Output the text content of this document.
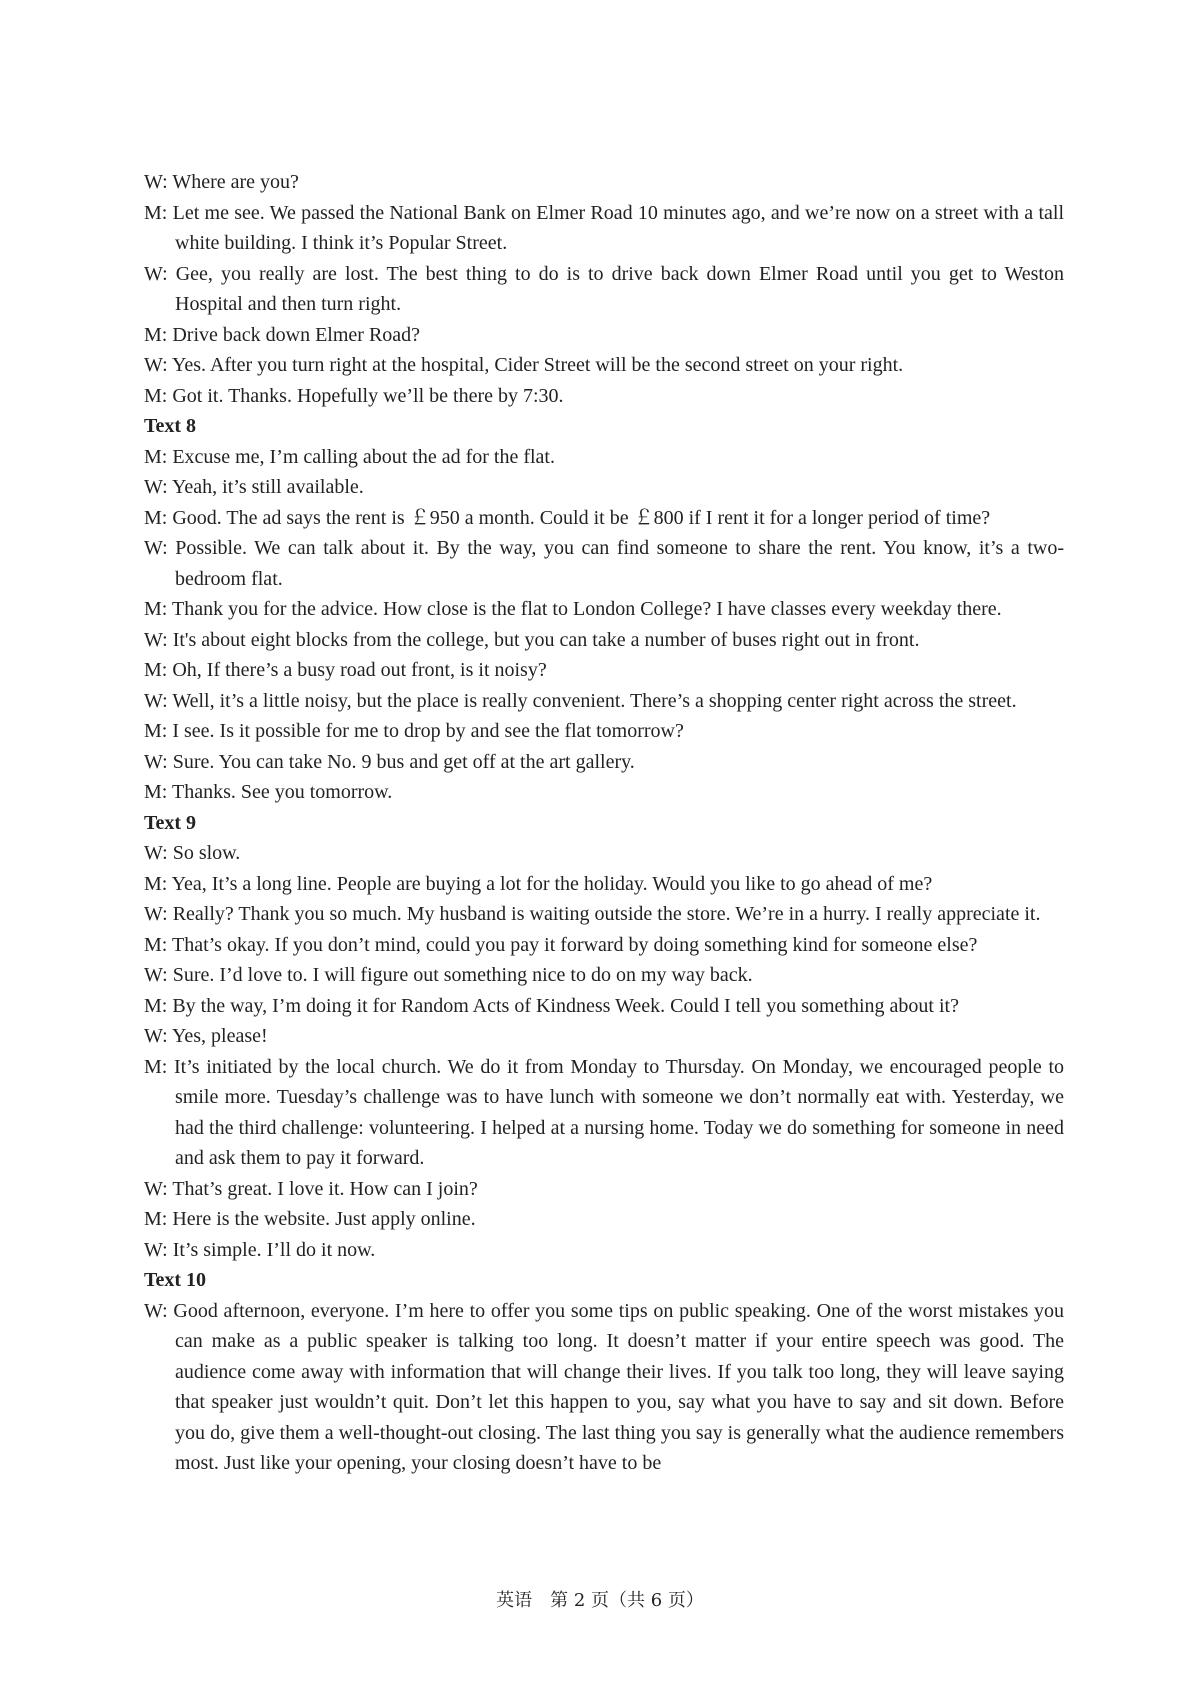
W: Where are you?
M: Let me see. We passed the National Bank on Elmer Road 10 minutes ago, and we’re now on a street with a tall white building. I think it’s Popular Street.
W: Gee, you really are lost. The best thing to do is to drive back down Elmer Road until you get to Weston Hospital and then turn right.
M: Drive back down Elmer Road?
W: Yes. After you turn right at the hospital, Cider Street will be the second street on your right.
M: Got it. Thanks. Hopefully we’ll be there by 7:30.
Text 8
M: Excuse me, I’m calling about the ad for the flat.
W: Yeah, it’s still available.
M: Good. The ad says the rent is ￡950 a month. Could it be ￡800 if I rent it for a longer period of time?
W: Possible. We can talk about it. By the way, you can find someone to share the rent. You know, it’s a two-bedroom flat.
M: Thank you for the advice. How close is the flat to London College? I have classes every weekday there.
W: It's about eight blocks from the college, but you can take a number of buses right out in front.
M: Oh, If there’s a busy road out front, is it noisy?
W: Well, it’s a little noisy, but the place is really convenient. There’s a shopping center right across the street.
M: I see. Is it possible for me to drop by and see the flat tomorrow?
W: Sure. You can take No. 9 bus and get off at the art gallery.
M: Thanks. See you tomorrow.
Text 9
W: So slow.
M: Yea, It’s a long line. People are buying a lot for the holiday. Would you like to go ahead of me?
W: Really? Thank you so much. My husband is waiting outside the store. We’re in a hurry. I really appreciate it.
M: That’s okay. If you don’t mind, could you pay it forward by doing something kind for someone else?
W: Sure. I’d love to. I will figure out something nice to do on my way back.
M: By the way, I’m doing it for Random Acts of Kindness Week. Could I tell you something about it?
W: Yes, please!
M: It’s initiated by the local church. We do it from Monday to Thursday. On Monday, we encouraged people to smile more. Tuesday’s challenge was to have lunch with someone we don’t normally eat with. Yesterday, we had the third challenge: volunteering. I helped at a nursing home. Today we do something for someone in need and ask them to pay it forward.
W: That’s great. I love it. How can I join?
M: Here is the website. Just apply online.
W: It’s simple. I’ll do it now.
Text 10
W: Good afternoon, everyone. I’m here to offer you some tips on public speaking. One of the worst mistakes you can make as a public speaker is talking too long. It doesn’t matter if your entire speech was good. The audience come away with information that will change their lives. If you talk too long, they will leave saying that speaker just wouldn’t quit. Don’t let this happen to you, say what you have to say and sit down. Before you do, give them a well-thought-out closing. The last thing you say is generally what the audience remembers most. Just like your opening, your closing doesn’t have to be
英语　第 2 页（共 6 页）
